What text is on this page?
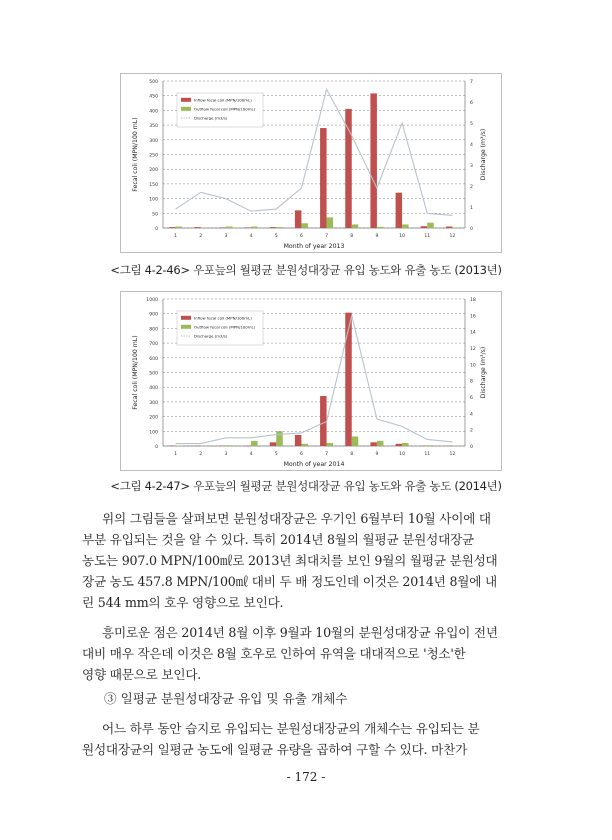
0
50
100
150
200
250
300
350
400
450
500
0
1
2
3
4
5
6
7
1	2	3	4	5	6	7	8	9	10	11	12
Month of year 2013
Fecal coli (MPN/100 mL)	Discharge (m³/s)
Inflow fecal coli (MPN/100mL)
Outflow fecal coli (MPN/100mL)
Discharge (m3/s)
<그림 4-2-46> 우포늪의 월평균 분원성대장균 유입 농도와 유출 농도 (2013년)
0
100
200
300
400
500
600
700
800
900
1000
0
2
4
6
8
10
12
14
16
18
1	2	3	4	5	6	7	8	9	10	11	12
Month of year 2014
Fecal coli (MPN/100 mL)	Discharge (m³/s)
Inflow fecal coli (MPN/100mL)
Outflow fecal coli (MPN/100mL)
Discharge (m3/s)
<그림 4-2-47> 우포늪의 월평균 분원성대장균 유입 농도와 유출 농도 (2014년)
위의 그림들을 살펴보면 분원성대장균은 우기인 6월부터 10월 사이에 대
부분 유입되는 것을 알 수 있다. 특히 2014년 8월의 월평균 분원성대장균
농도는 907.0 MPN/100㎖로 2013년 최대치를 보인 9월의 월평균 분원성대
장균 농도 457.8 MPN/100㎖ 대비 두 배 정도인데 이것은 2014년 8월에 내
린 544 mm의 호우 영향으로 보인다.
흥미로운 점은 2014년 8월 이후 9월과 10월의 분원성대장균 유입이 전년
대비 매우 작은데 이것은 8월 호우로 인하여 유역을 대대적으로 '청소'한
영향 때문으로 보인다.
③ 일평균 분원성대장균 유입 및 유출 개체수
어느 하루 동안 습지로 유입되는 분원성대장균의 개체수는 유입되는 분
원성대장균의 일평균 농도에 일평균 유량을 곱하여 구할 수 있다. 마찬가
- 172 -
